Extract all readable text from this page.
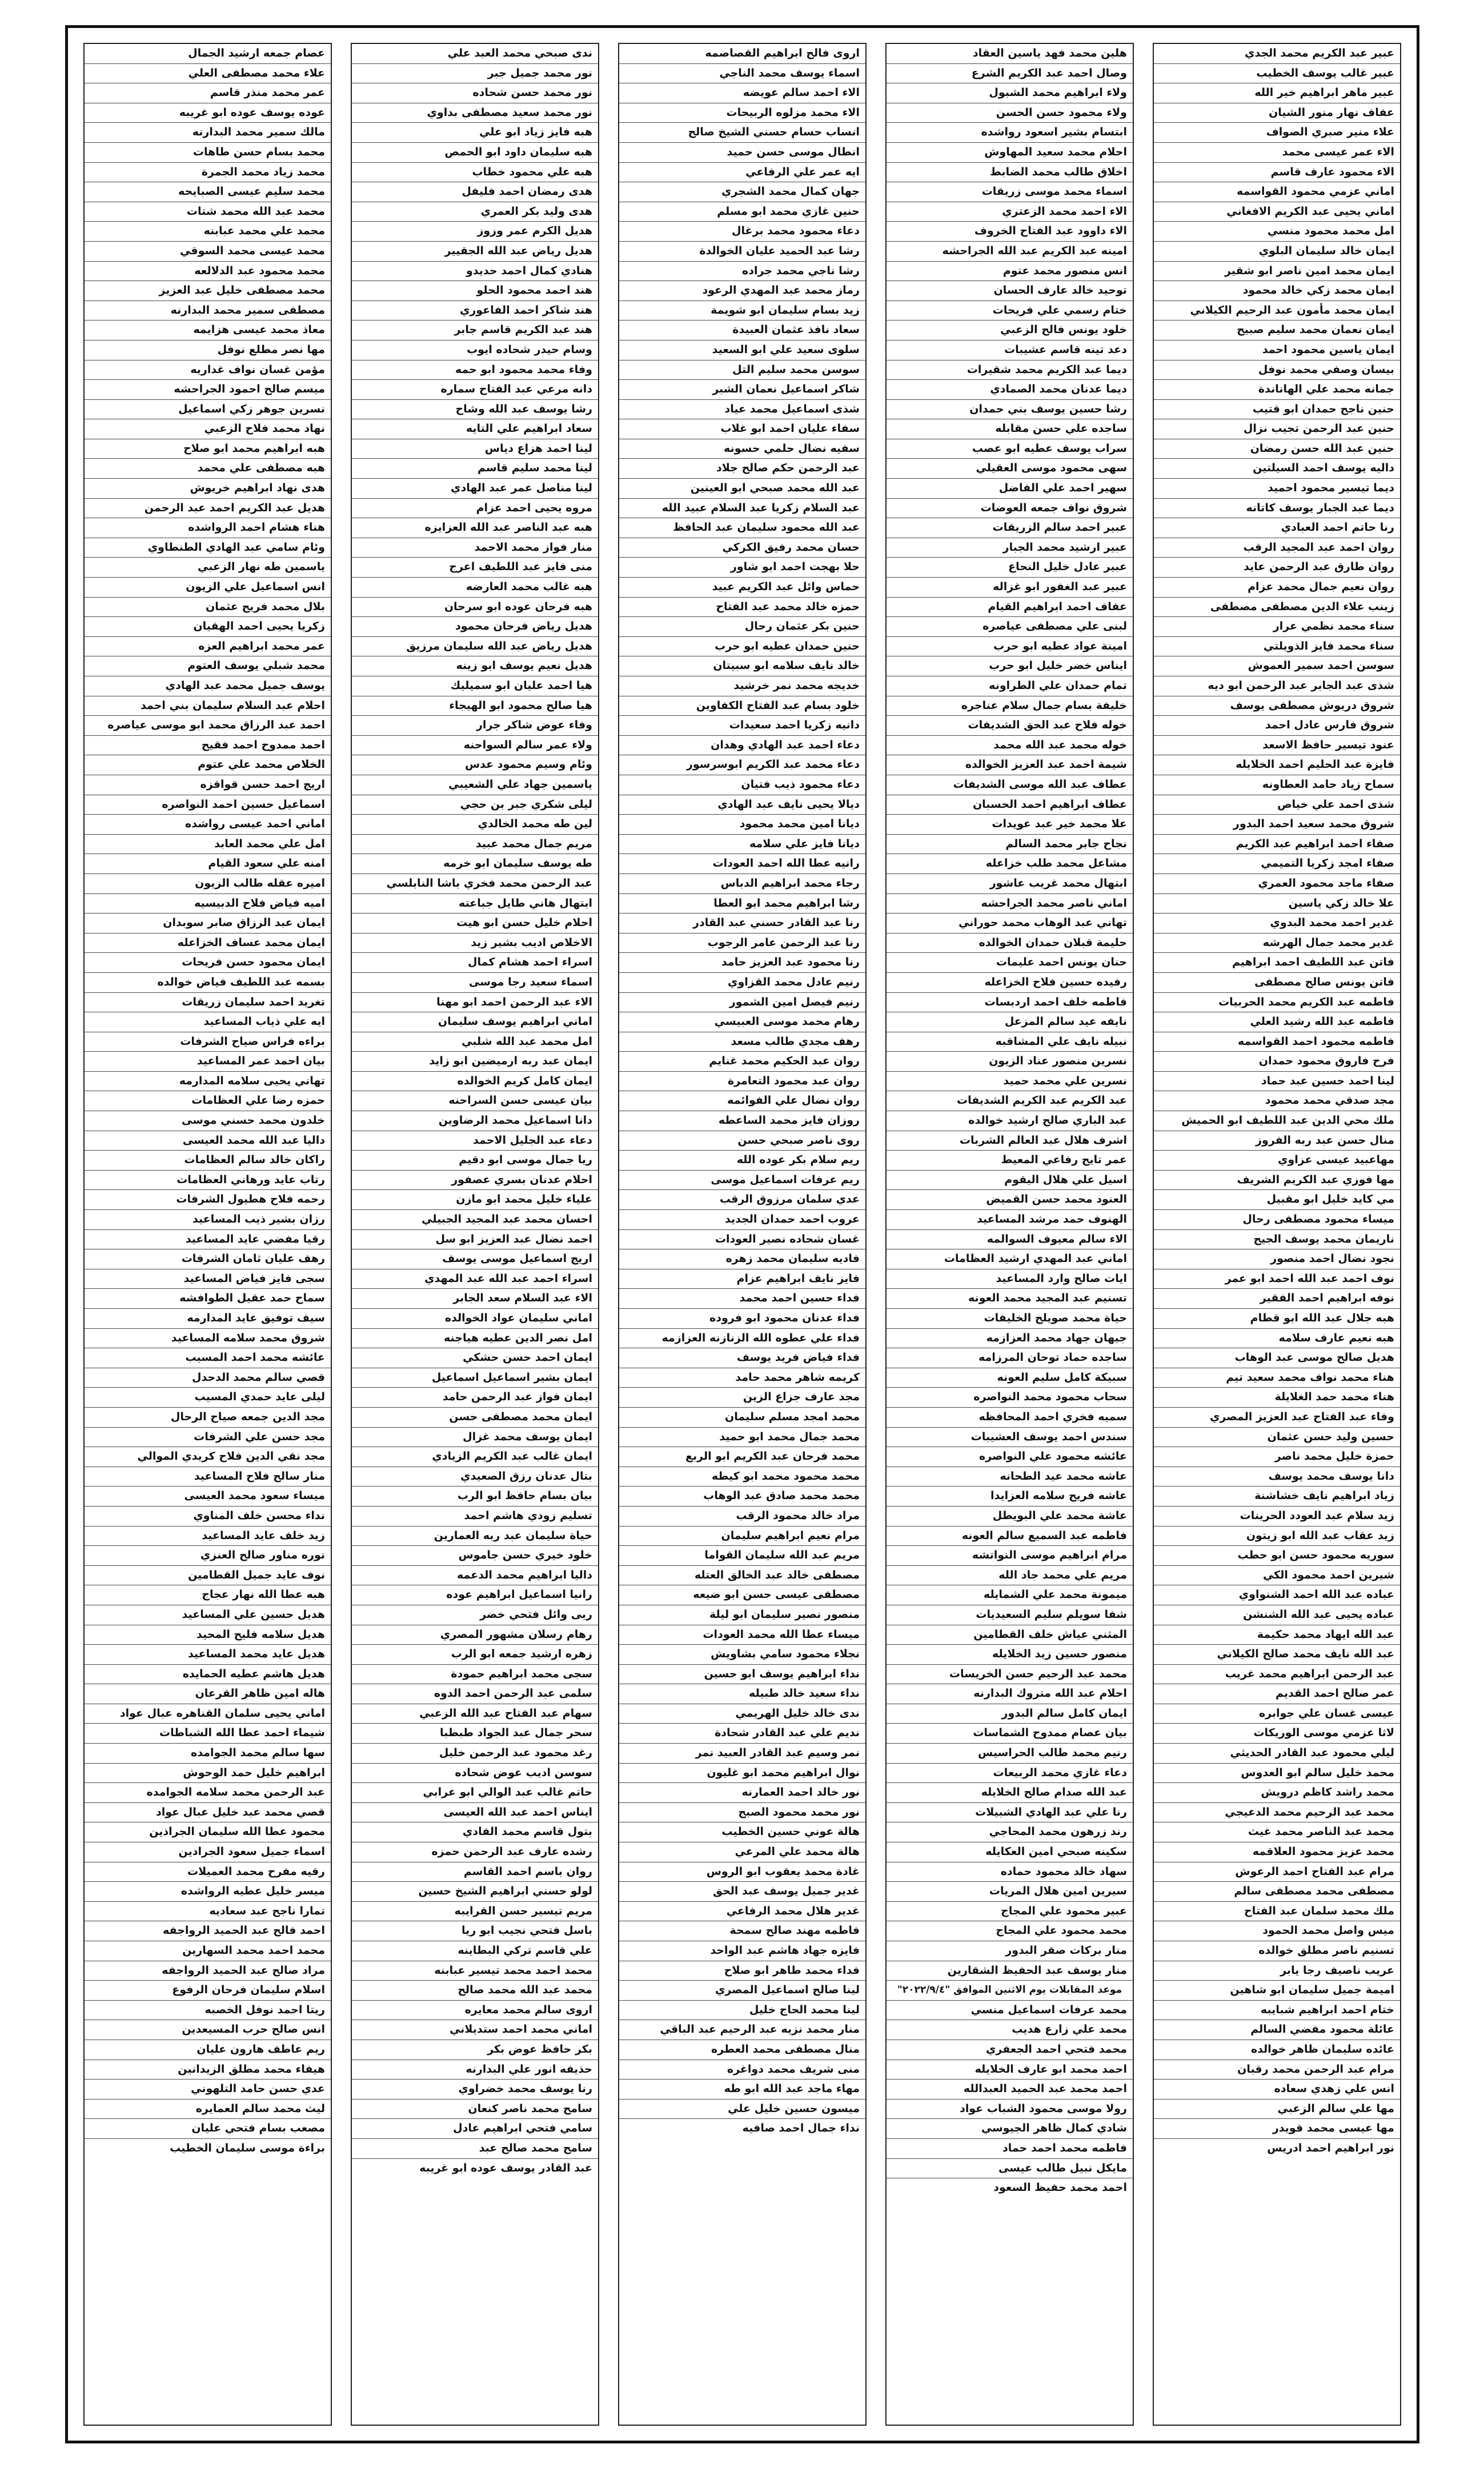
عبير عبد الكريم محمد الجدي
عبير غالب يوسف الخطيب
عبير ماهر ابراهيم خير الله
عفاف نهار منور الشيان
علاء منير صبري الصواف
الاء عمر عيسى محمد
الاء محمود عارف قاسم
اماني عزمي محمود القواسمه
اماني يحيى عبد الكريم الافغاني
امل محمد محمود منسي
ايمان خالد سليمان البلوي
ايمان محمد امين ناصر ابو شقير
ايمان محمد زكي خالد محمود
ايمان محمد مأمون عبد الرحيم الكيلاني
ايمان نعمان محمد سليم صبيح
ايمان ياسين محمود احمد
بيسان وصفي محمد نوفل
جمانه محمد علي الهاناندة
حنين ناجح حمدان ابو قتيب
حنين عبد الرحمن تجيب نزال
حنين عبد الله حسن رمضان
داليه يوسف احمد السيلتين
ديما تيسير محمود احميد
ديما عبد الجبار يوسف كاتانه
رنا حاتم احمد العبادي
روان احمد عبد المجيد الرقب
روان طارق عبد الرحمن عايد
روان نعيم جمال محمد عزام
زينب علاء الدين مصطفى مصطفى
سناء محمد نظمي عرار
سناء محمد فايز الذويلتي
سوسن احمد سمير العموش
شذى عبد الجابر عبد الرحمن ابو ديه
شروق دريوش مصطفى يوسف
شروق فارس عادل احمد
عنود تيسير حافظ الاسعد
فايزة عبد الحليم احمد الخلايله
سماح زياد حامد العطاونه
شذى احمد علي خياص
شروق محمد سعيد احمد البدور
صفاء احمد ابراهيم عبد الكريم
صفاء امجد زكريا التميمي
صفاء ماجد محمود العمري
علا خالد زكي ياسين
غدير احمد محمد البدوي
غدير محمد جمال الهرشه
فاتن عبد اللطيف احمد ابراهيم
فاتن يونس صالح مصطفى
فاطمه عبد الكريم محمد الحربيات
فاطمه عبد الله رشيد العلي
فاطمه محمود احمد القواسمه
فرح فاروق محمود حمدان
لينا احمد حسين عبد حماد
مجد صدقي محمد محمود
ملك محي الدين عبد اللطيف ابو الحميش
منال حسن عبد ربه الفروز
مهاعبيد عيسى عزاوي
مها فوزي عبد الكريم الشريف
مي كايد خليل ابو مقبيل
ميساء محمود مصطفى رحال
ناريمان محمد يوسف الجيح
نجود نضال احمد منصور
نوف احمد عبد الله احمد ابو عمر
نوفه ابراهيم احمد الفقير
هبه جلال عبد الله ابو قطام
هبه نعيم عارف سلامه
هديل صالح موسى عبد الوهاب
هناء محمد نواف محمد سعيد تيم
هناء محمد حمد الغلايلة
وفاء عبد الفتاح عبد العزيز المصري
حسين وليد حسن عثمان
حمزة خليل محمد ناصر
دانا يوسف محمد يوسف
زياد ابراهيم نايف خشاشنة
زيد سلام عبد العودد الحرينات
زيد عقاب عبد الله ابو زيتون
سوريه محمود حسن ابو حطب
شيرين احمد محمود الكي
عباده عبد الله احمد الشنواوي
عباده يحيى عبد الله الشنشن
عبد الله ايهاد محمد حكيمة
عبد الله نايف محمد صالح الكيلاني
عبد الرحمن ابراهيم محمد غريب
عمر صالح احمد القديم
عيسى غسان علي جوابره
لاثا عزمي موسى الوريكات
ليلي محمود عبد القادر الحديثي
محمد خليل سالم ابو العدوس
محمد راشد كاظم درويش
محمد عبد الرحيم محمد الدعيجي
محمد عبد الناصر محمد غيث
محمد عزيز محمود العلاقمه
مرام عبد الفتاح احمد الرعوش
مصطفى محمد مصطفى سالم
ملك محمد سلمان عبد الفتاح
ميس واصل محمد الحمود
تسنيم ناصر مطلق خوالده
عريب ناصيف رجا يابر
اميمة جميل سليمان ابو شاهين
ختام احمد ابراهيم شبايبه
عائلة محمود مفضي السالم
عائده سليمان ظاهر خوالده
مرام عبد الرحمن محمد رقبان
انس علي زهدي سعاده
مها علي سالم الزعبي
مها عيسى محمد قويدر
نور ابراهيم احمد ادريس
هلين محمد فهد ياسين العقاد
وصال احمد عبد الكريم الشرع
ولاء ابراهيم محمد الشبول
ولاء محمود حسن الحسن
ابتسام بشير اسعود رواشده
احلام محمد سعيد المهاوش
اخلاق طالب محمد الضابط
اسماء محمد موسى زريقات
الاء احمد محمد الزعتري
الاء داوود عبد الفتاح الخروف
امينه عبد الكريم عبد الله الجراحشه
انس منصور محمد عتوم
توحيد خالد عارف الحسان
ختام رسمي علي فريحات
خلود يونس فالح الزعبي
دعد تينه قاسم عشيبات
ديما عبد الكريم محمد شقيرات
ديما عدنان محمد الصمادي
رشا حسين يوسف بني حمدان
ساجده علي حسن مقابله
سراب يوسف عطيه ابو عصب
سهى محمود موسى العقيلي
سهير احمد علي الفاضل
شروق نواف جمعه العوضات
عبير احمد سالم الزريقات
عبير ارشيد محمد الجبار
عبير عادل خليل النحاع
عبير عبد الغفور ابو غزاله
عفاف احمد ابراهيم القيام
لبنى علي مصطفى عياصره
امينة عواد عطيه ابو حرب
ايناس خضر خليل ابو حرب
تمام حمدان علي الطراونه
خليفة بسام جمال سلام عناجره
خوله فلاح عبد الحق الشديفات
خوله محمد عبد الله محمد
شيمة احمد عبد العزيز الخوالده
عطاف عبد الله موسى الشديفات
عطاف ابراهيم احمد الحسبان
علا محمد خير عبد عويدات
نجاح جابر محمد السالم
مشاعل محمد طلب خزاعله
ابتهال محمد غريب عاشور
اماني ناصر محمد الجراحشه
تهاني عبد الوهاب محمد حوراني
حليمة قبلان حمدان الخوالده
حنان يونس احمد عليمات
رفيده حسين فلاح الخزاعله
فاطمه خلف احمد اردبسات
نايفه عيد سالم المزعل
نبيله نايف علي المشاقبه
نسرين منصور عناد الزيون
نسرين علي محمد حميد
عبد الكريم عبد الكريم الشديفات
عبد الباري صالح ارشيد خوالده
اشرف هلال عبد العالم الشربات
عمر تايح رفاعي المعيط
اسيل علي هلال اليقوم
العنود محمد حسن القميض
الهنوف حمد مرشد المساعيد
الاء سالم معيوف السوالمه
اماني عبد المهدي ارشيد العظامات
ايات صالح وارد المساعيد
تسنيم عبد المجيد محمد العونه
حياة محمد صويلح الخليفات
جيهان جهاد محمد العزازمه
ساجده حماد توحان المرزامه
سبيكة كامل سليم العونه
سحاب محمود محمد النواصره
سميه فخري احمد المحافظه
سندس احمد يوسف العشيبات
عائشه محمود علي النواصره
عاشه محمد عيد الطحانه
عاشه فريح سلامه العزايدا
عاشة محمد علي البويطل
فاطمه عبد السميع سالم العونه
مرام ابراهيم موسى النواتشه
مريم علي محمد جاد الله
ميمونة محمد علي الشمايله
شفا سويلم سليم السعيديات
المثني عياش خلف القطامين
منصور حسين زيد الخلايله
محمد عبد الرحيم حسن الخريسات
احلام عبد الله متروك البدارنه
ايمان كامل سالم البدور
بيان عصام ممدوح الشماسات
رنيم محمد طالب الحراسيس
دعاء غازي محمد الربيعات
عبد الله صدام صالح الخلايله
رنا علي عبد الهادي الشبيلات
رند زرهون محمد المحاجي
سكينه صبحي امين العكايله
سهاد خالد محمود حماده
سيرين امين هلال المريات
عبير محمود علي المجاج
محمد محمود علي المجاج
منار بركات صقر البدور
منار يوسف عبد الحفيظ الشقارين
موعد المقابلات يوم الاثنين الموافق "٢٠٢٢/٩/٤"
محمد عرفات اسماعيل منسي
محمد علي زارع هديب
محمد فتحي احمد الجعفري
احمد محمد ابو عارف الخلايله
احمد محمد عبد الحميد العبدالله
رولا موسى محمود الشباب عواد
شادي كمال ظاهر الجيوسي
فاطمه محمد احمد حماد
مايكل نبيل طالب عيسى
احمد محمد حفيظ السعود
اروى فالح ابراهيم القصاصمه
اسماء يوسف محمد الناجي
الاء احمد سالم عويضه
الاء محمد مزلوه الربيحات
انساب حسام حسني الشيخ صالح
انطال موسى حسن حميد
ايه عمر علي الرفاعي
جهان كمال محمد الشجري
حنين غازي محمد ابو مسلم
دعاء محمود محمد برغال
رشا عبد الحميد عليان الخوالدة
رشا ناجي محمد جراده
رماز محمد عبد المهدي الرعود
زيد بسام سليمان ابو شويمة
سعاد نافذ عثمان العبيدة
سلوى سعيد علي ابو السعيد
سوسن محمد سليم التل
شاكر اسماعيل نعمان الشبر
شذى اسماعيل محمد عياد
سفاء عليان احمد ابو غلاب
سفيه نضال حلمي حسونه
عبد الرحمن حكم صالح جلاد
عبد الله محمد صبحي ابو العينين
عبد السلام زكريا عبد السلام عبيد الله
عبد الله محمود سليمان عبد الحافظ
حسان محمد رفيق الكركي
حلا بهجت احمد ابو شاور
حماس وائل عبد الكريم عبيد
حمزه خالد محمد عبد الفتاح
حنين بكر عثمان رحال
حنين حمدان عطيه ابو حرب
خالد نايف سلامه ابو سبيتان
خديجه محمد نمر خرشيد
خلود بسام عبد الفتاح الكفاوين
دانيه زكريا احمد سعيدات
دعاء احمد عبد الهادي وهدان
دعاء محمد عبد الكريم ابوسرسور
دعاء محمود ذيب فتيان
ديالا يحيى نايف عبد الهادي
ديانا امين محمد محمود
ديانا فايز علي سلامه
رانيه عطا الله احمد العودات
رجاء محمد ابراهيم الدباس
رشا ابراهيم محمد ابو العطا
رنا عبد القادر حسني عبد القادر
رنا عبد الرحمن عامر الرجوب
رنا محمود عبد العزيز حامد
رنيم عادل محمد القزاوي
رنيم فيصل امين الشمور
رهام محمد موسى العبيسي
رهف مجدي طالب مسعد
روان عبد الحكيم محمد غنايم
روان عبد محمود التعامرة
روان نضال علي الفوائمه
روزان فايز محمد الساعطه
روى ناصر صبحي حسن
ريم سلام بكر عوده الله
ريم عرفات اسماعيل موسى
عدي سلمان مرزوق الرقب
عروب احمد حمدان الجديد
غسان شحاده نصير العودات
فاديه سليمان محمد زهره
فايز نايف ابراهيم عزام
فداء حسين احمد محمد
فداء عدنان محمود ابو فروده
فداء علي عطوه الله الزنازنه العزازمه
فداء فياض فريد يوسف
كريمه شاهر محمد حامد
مجد عارف جزاع الزين
محمد امجد مسلم سليمان
محمد جمال محمد ابو حميد
محمد فرحان عبد الكريم ابو الربع
محمد محمود محمد ابو كيطه
محمد محمد صادق عبد الوهاب
مراد خالد محمود الرقب
مرام نعيم ابراهيم سليمان
مريم عبد الله سليمان القواما
مصطفى خالد عبد الخالق العتله
مصطفى عيسى حسن ابو ضيعه
منصور نصير سليمان ابو ليلة
ميساء عطا الله محمد العودات
نجلاء محمود سامي بشاويش
نداء ابراهيم يوسف ابو حسين
نداء سعيد خالد طبيله
ندى خالد خليل الهريمي
نديم علي عبد القادر شحادة
نمر وسيم عبد القادر العبيد نمر
نوال ابراهيم محمد ابو غليون
نور خالد احمد العمارنه
نور محمد محمود الصبح
هالة عوني حسين الخطيب
هالة محمد علي المرعي
غادة محمد يعقوب ابو الروس
غدير جميل يوسف عبد الحق
غدير هلال محمد الرفاعي
فاطمه مهند صالح سمحة
فايزه جهاد هاشم عبد الواحد
فداء محمد طاهر ابو صلاح
لينا صالح اسماعيل المصري
لينا محمد الحاج خليل
منار محمد نزيه عبد الرحيم عبد الباقي
منال مصطفى محمد العطره
منى شريف محمد دواغره
مهاء ماجد عبد الله ابو طه
ميسون حسين خليل علي
نداء جمال احمد صافيه
ندى صبحي محمد العبد علي
نور محمد جميل جبر
نور محمد حسن شحاده
نور محمد سعيد مصطفى بداوي
هبه فايز زياد ابو علي
هبه سليمان داود ابو الحمص
هبه علي محمود خطاب
هدى رمضان احمد فليفل
هدى وليد بكر العمري
هديل الكرم عمر وزوز
هديل رياض عبد الله الجقيير
هنادي كمال احمد حديدو
هند احمد محمود الحلو
هند شاكر احمد الفاعوري
هند عبد الكريم قاسم جابر
وسام حيدر شحاده ايوب
وفاء محمد محمود ابو حمه
دانه مرعي عبد الفتاح سماره
رشا يوسف عبد الله وشاح
سعاد ابراهيم علي التايه
لينا احمد هزاع دياس
لينا محمد سليم قاسم
لينا مناصل عمر عبد الهادي
مروه يحيى احمد عزام
هبه عبد الناصر عبد الله العزايزه
منار فواز محمد الاحمد
منى فايز عبد اللطيف اعرج
هبه غالب محمد العارضه
هبه فرحان عوده ابو سرحان
هديل رياض فرحان محمود
هديل رياض عبد الله سليمان مرزيق
هديل نعيم يوسف ابو زينه
هيا احمد عليان ابو سميليك
هيا صالح محمود ابو الهيجاء
وفاء عوض شاكر جرار
ولاء عمر سالم السواحنه
وئام وسيم محمود عدس
ياسمين جهاد علي الشعيبي
ليلى شكري جبر بن حجي
لين طه محمد الخالدي
مريم جمال محمد عبيد
طه يوسف سليمان ابو خرمه
عبد الرحمن محمد فخري باشا النابلسي
ابتهال هاني طايل جباعته
احلام خليل حسن ابو هيت
الاخلاص اديب بشير زيد
اسراء احمد هشام كمال
اسماء سعيد رجا موسى
الاء عبد الرحمن احمد ابو مهنا
اماني ابراهيم يوسف سليمان
امل محمد عبد الله شلبي
ايمان عبد ربه ارميضين ابو زايد
ايمان كامل كريم الخوالده
بيان عيسى حسن السراحنه
دانا اسماعيل محمد الرضاوين
دعاء عبد الجليل الاحمد
ريا جمال موسى ابو دقيم
احلام عدنان بسري عصفور
علياء خليل محمد ابو مازن
احسان محمد عبد المجيد الجبيلي
احمد نضال عبد العزيز ابو سل
اريج اسماعيل موسى يوسف
اسراء احمد عبد الله عبد المهدي
الاء عبد السلام سعد الجابر
اماني سليمان عواد الخوالده
امل نصر الدين عطيه هياجنه
ايمان احمد حسن حشكي
ايمان بشير اسماعيل اسماعيل
ايمان فواز عبد الرحمن حامد
ايمان محمد مصطفى حسن
ايمان يوسف محمد غزال
ايمان غالب عبد الكريم الزيادي
بتال عدنان رزق الصعيدي
بيان بسام حافظ ابو الرب
تسليم زودي هاشم احمد
حياة سليمان عبد ربه العمارين
خلود خيري حسن جاموس
داليا ابراهيم محمد الدعمه
رانيا اسماعيل ابراهيم عوده
ربى وائل فتحي خضر
رهام رسلان مشهور المصري
زهره ارشيد جمعه ابو الرب
سجى محمد ابراهيم حمودة
سلمى عبد الرحمن احمد الدوه
سهام عبد الفتاح عبد الله الزعبي
سحر جمال عبد الجواد طبطبا
رغد محمود عبد الرحمن خليل
سوسن اديب عوض شحاده
حاتم غالب عبد الوالي ابو عرابي
ايناس احمد عبد الله العيسى
بتول قاسم محمد الفادي
رشده عارف عبد الرحمن حمزه
روان باسم احمد القاسم
لولو حسني ابراهيم الشيخ حسين
مريم تيسير حسن القرايبه
باسل فتحي نجيب ابو ريا
علي قاسم تركي البطاينه
محمد احمد محمد تيسير عبابنه
محمد عبد الله محمد صالح
اروى سالم محمد معايره
اماني محمد احمد ستديلاني
بكر حافظ عوض بكر
حذيفه انور علي البدارنه
رنا يوسف محمد خضراوي
سامح محمد ناصر كنعان
سامي فتحي ابراهيم عادل
سامح محمد صالح عبد
عبد القادر يوسف عوده ابو غريبه
عصام جمعه ارشيد الجمال
علاء محمد مصطفى العلي
عمر محمد منذر قاسم
عوده يوسف عوده ابو غريبه
مالك سمير محمد البدارنه
محمد بسام حسن طاهات
محمد زياد محمد الجمرة
محمد سليم عيسى الصبايحه
محمد عبد الله محمد شتات
محمد علي محمد عبابنه
محمد عيسى محمد السوقي
محمد محمود عبد الدلالعه
محمد مصطفى خليل عبد العزيز
مصطفى سمير محمد البدارنه
معاذ محمد عيسى هزايمه
مها نصر مطلع نوفل
مؤمن غسان نواف غداريه
ميسم صالح احمود الجراحشه
نسرين جوهر زكي اسماعيل
نهاد محمد فلاح الزعبي
هبه ابراهيم محمد ابو صلاح
هبه مصطفى علي محمد
هدى نهاد ابراهيم خريوش
هديل عبد الكريم احمد عبد الرحمن
هناء هشام احمد الرواشده
وئام سامي عبد الهادي الطنطاوي
ياسمين طه نهار الزعبي
انس اسماعيل علي الزيون
بلال محمد فريح عثمان
زكريا يحيى احمد الهقيان
عمر محمد ابراهيم العزه
محمد شبلي يوسف العتوم
يوسف جميل محمد عبد الهادي
احلام عبد السلام سليمان بني احمد
احمد عبد الرزاق محمد ابو موسى عياصره
احمد ممدوح احمد فقيح
الخلاص محمد علي عتوم
اريج احمد حسن قواقزه
اسماعيل حسين احمد النواصره
اماني احمد عيسى رواشده
امل علي محمد العابد
امنه علي سعود القيام
اميره عقله طالب الزيون
اميه فياض فلاح الدبيسيه
ايمان عبد الرزاق صابر سوبدان
ايمان محمد عساف الخزاعله
ايمان محمود حسن فريحات
بسمه عبد اللطيف فياض خوالده
تغريد احمد سليمان زريقات
ايه علي ذياب المساعيد
براءه فراس صياح الشرفات
بيان احمد عمر المساعيد
تهاني يحيى سلامه المدارمه
حمزه رضا علي العظامات
خلدون محمد حسني موسى
داليا عبد الله محمد العيسى
راكان خالد سالم العظامات
رتاب عايد ورهاني العظامات
رحمه فلاح هطيول الشرفات
رزان بشير ذيب المساعيد
رقيا مفضي عايد المساعيد
رهف عليان ثامان الشرفات
سجى فايز فياض المساعيد
سماح حمد عقيل الطوافشه
سيف توفيق عايد المدارمه
شروق محمد سلامه المساعيد
عائشه محمد احمد المسيب
قصي سالم محمد الدحدل
ليلى عايد حمدي المسيب
مجد الدين جمعه صياح الرحال
مجد حسن علي الشرفات
مجد نقي الدين فلاح كريدي الموالي
منار سالح فلاح المساعيد
ميساء سعود محمد العيسى
نداء محسن خلف المناوي
زيد خلف عايد المساعيد
نوره مناور صالح العنزي
نوف عايد جميل القطامين
هبه عطا الله نهار عجاج
هديل حسين علي المساعيد
هديل سلامه فليح المحيد
هديل عايد محمد المساعيد
هديل هاشم عطيه الحمايده
هاله امين ظاهر القرعان
اماني يحيى سلمان القناهره عبال عواد
شيماء احمد عطا الله الشباطات
سها سالم محمد الجوامده
ابراهيم خليل حمد الوحوش
عبد الرحمن محمد سلامه الجوامده
قصي محمد عبد خليل عبال عواد
محمود عطا الله سليمان الجراذين
اسماء جميل سعود الجرادين
رقيه مفرح محمد العميلات
ميسر خليل عطيه الرواشده
تمارا ناجح عبد سعاديه
احمد فالح عبد الحميد الرواجفه
محمد احمد محمد السهارين
مراد صالح عبد الحميد الرواجفه
اسلام سليمان فرحان الرفوع
ريتا احمد نوفل الخصبه
انس صالح حرب المسيعدين
ريم عاطف هارون عليان
هيفاء محمد مطلق الزيدانين
عدي حسن حامد التلهوني
ليث محمد سالم العمايره
مصعب بسام فتحي عليان
براءة موسى سليمان الخطيب
